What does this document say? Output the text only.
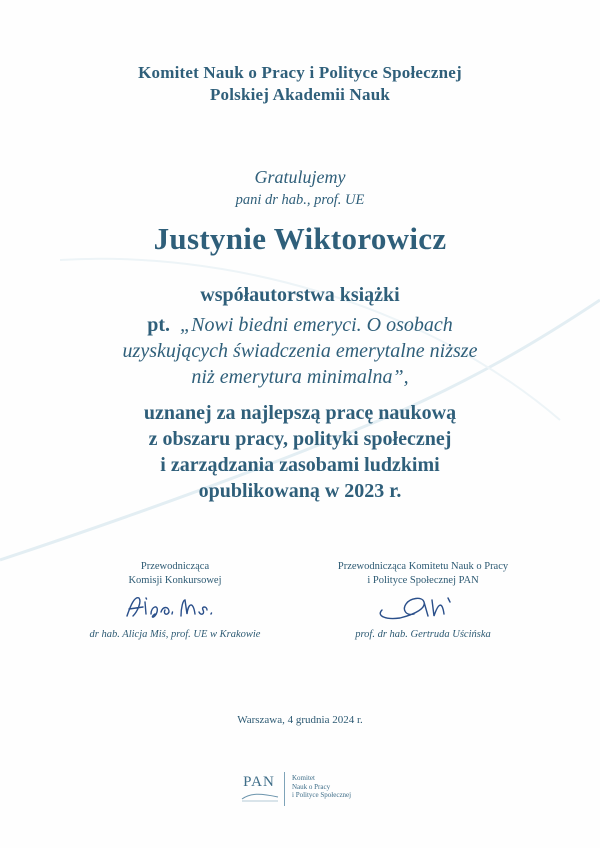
Komitet Nauk o Pracy i Polityce Społecznej
Polskiej Akademii Nauk
Gratulujemy
pani dr hab., prof. UE
Justynie Wiktorowicz
współautorstwa książki
pt. „Nowi biedni emeryci. O osobach
uzyskujących świadczenia emerytalne niższe
niż emerytura minimalna”,
uznanej za najlepszą pracę naukową
z obszaru pracy, polityki społecznej
i zarządzania zasobami ludzkimi
opublikowaną w 2023 r.
Przewodnicząca
Komisji Konkursowej
dr hab. Alicja Miś, prof. UE w Krakowie
Przewodnicząca Komitetu Nauk o Pracy
i Polityce Społecznej PAN
prof. dr hab. Gertruda Uścińska
Warszawa, 4 grudnia 2024 r.
PAN	Komitet
Nauk o Pracy
i Polityce Społecznej
